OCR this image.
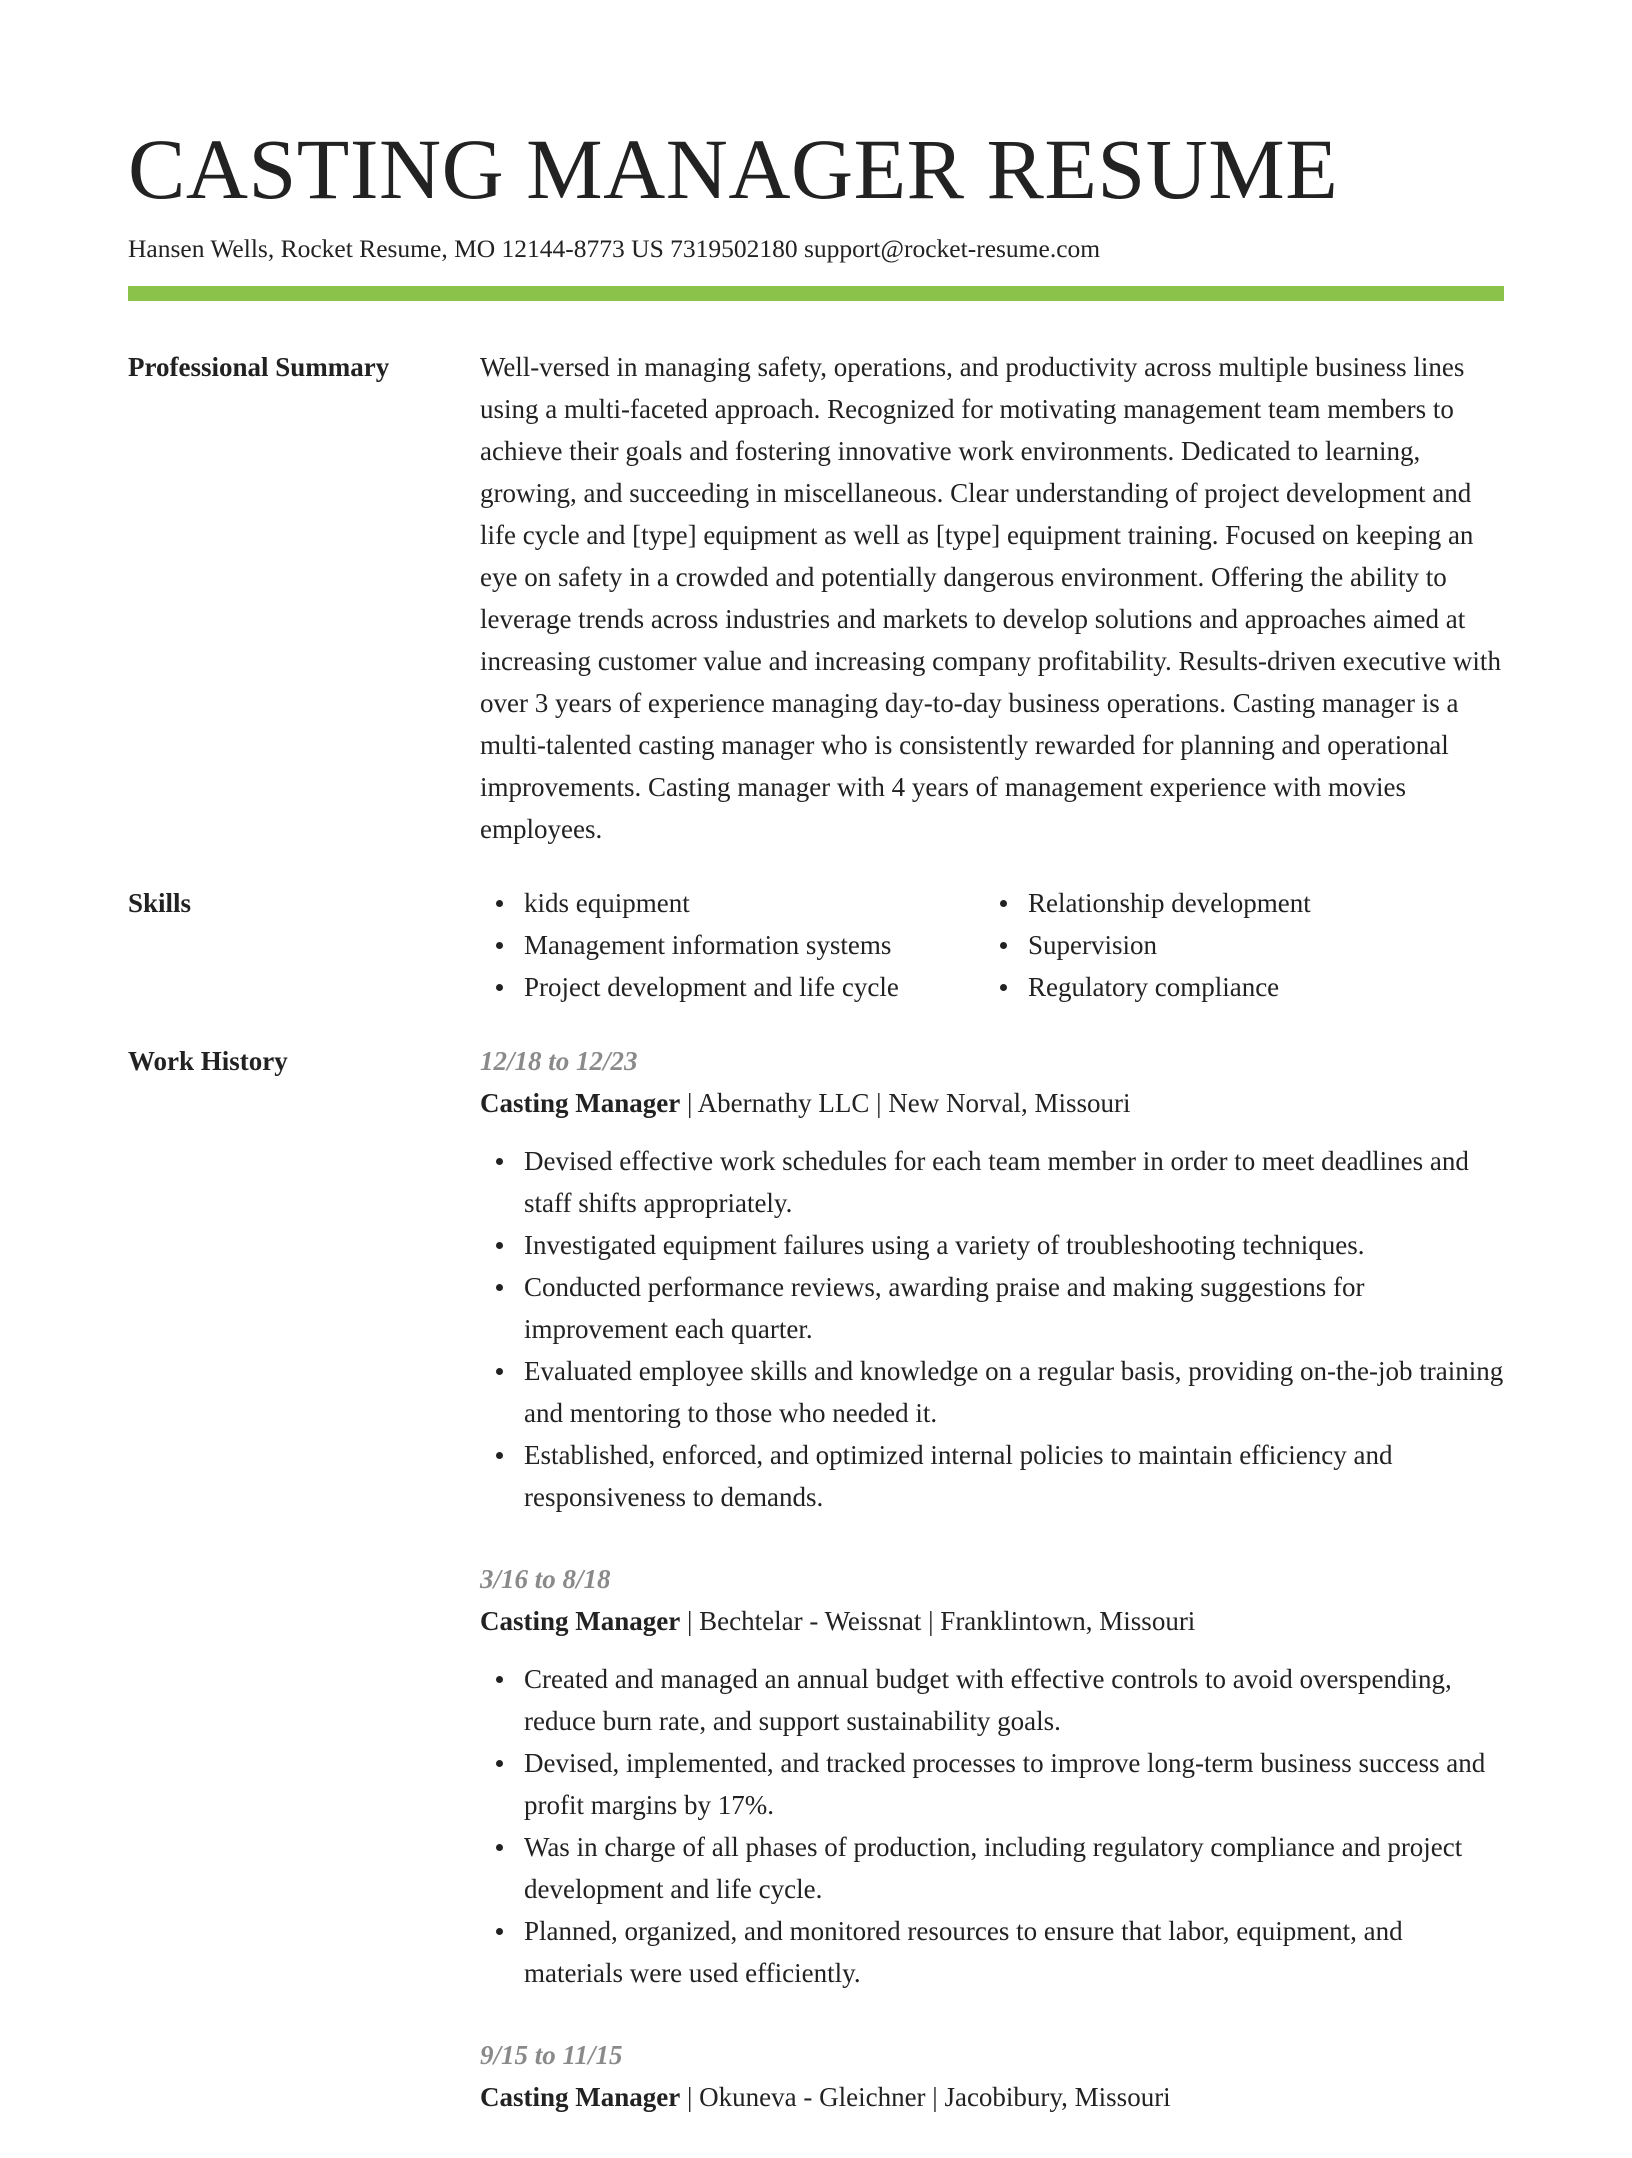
CASTING MANAGER RESUME
Hansen Wells, Rocket Resume, MO 12144-8773 US 7319502180 support@rocket-resume.com
Professional Summary	Well-versed in managing safety, operations, and productivity across multiple business lines using a multi-faceted approach. Recognized for motivating management team members to achieve their goals and fostering innovative work environments. Dedicated to learning, growing, and succeeding in miscellaneous. Clear understanding of project development and life cycle and [type] equipment as well as [type] equipment training. Focused on keeping an eye on safety in a crowded and potentially dangerous environment. Offering the ability to leverage trends across industries and markets to develop solutions and approaches aimed at increasing customer value and increasing company profitability. Results-driven executive with over 3 years of experience managing day-to-day business operations. Casting manager is a multi-talented casting manager who is consistently rewarded for planning and operational improvements. Casting manager with 4 years of management experience with movies employees.

Skills	kids equipment
Management information systems
Project development and life cycle
Relationship development
Supervision
Regulatory compliance
Work History	12/18 to 12/23
Casting Manager | Abernathy LLC | New Norval, Missouri
Devised effective work schedules for each team member in order to meet deadlines and staff shifts appropriately.
Investigated equipment failures using a variety of troubleshooting techniques.
Conducted performance reviews, awarding praise and making suggestions for improvement each quarter.
Evaluated employee skills and knowledge on a regular basis, providing on-the-job training and mentoring to those who needed it.
Established, enforced, and optimized internal policies to maintain efficiency and responsiveness to demands.
3/16 to 8/18
Casting Manager | Bechtelar - Weissnat | Franklintown, Missouri
Created and managed an annual budget with effective controls to avoid overspending, reduce burn rate, and support sustainability goals.
Devised, implemented, and tracked processes to improve long-term business success and profit margins by 17%.
Was in charge of all phases of production, including regulatory compliance and project development and life cycle.
Planned, organized, and monitored resources to ensure that labor, equipment, and materials were used efficiently.
9/15 to 11/15
Casting Manager | Okuneva - Gleichner | Jacobibury, Missouri
